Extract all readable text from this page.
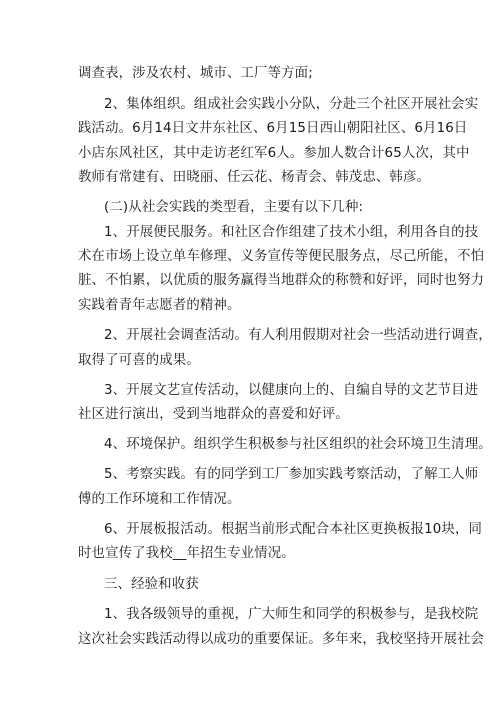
调查表，涉及农村、城市、工厂等方面;
2、集体组织。组成社会实践小分队，分赴三个社区开展社会实
践活动。6月14日文井东社区、6月15日西山朝阳社区、6月16日
小店东风社区，其中走访老红军6人。参加人数合计65人次，其中
教师有常建有、田晓丽、任云花、杨青会、韩茂忠、韩彦。
(二)从社会实践的类型看，主要有以下几种:
1、开展便民服务。和社区合作组建了技术小组，利用各自的技
术在市场上设立单车修理、义务宣传等便民服务点，尽己所能，不怕
脏、不怕累，以优质的服务赢得当地群众的称赞和好评，同时也努力
实践着青年志愿者的精神。
2、开展社会调查活动。有人利用假期对社会一些活动进行调查，
取得了可喜的成果。
3、开展文艺宣传活动，以健康向上的、自编自导的文艺节目进
社区进行演出，受到当地群众的喜爱和好评。
4、环境保护。组织学生积极参与社区组织的社会环境卫生清理。
5、考察实践。有的同学到工厂参加实践考察活动，了解工人师
傅的工作环境和工作情况。
6、开展板报活动。根据当前形式配合本社区更换板报10块，同
时也宣传了我校__年招生专业情况。
三、经验和收获
1、我各级领导的重视，广大师生和同学的积极参与，是我校院
这次社会实践活动得以成功的重要保证。多年来，我校坚持开展社会
